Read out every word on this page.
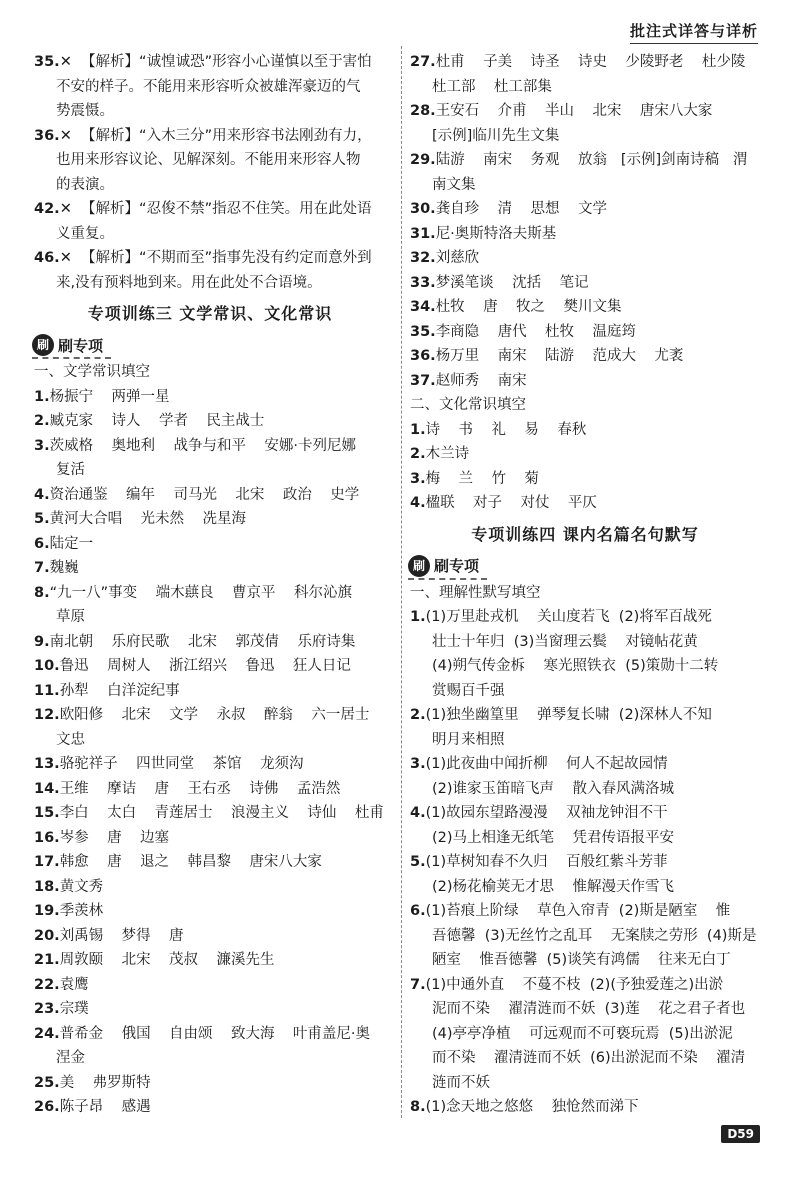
批注式详答与详析
35.✕  【解析】“诚惶诚恐”形容小心谨慎以至于害怕
不安的样子。不能用来形容听众被雄浑豪迈的气
势震慑。
36.✕  【解析】“入木三分”用来形容书法刚劲有力，
也用来形容议论、见解深刻。不能用来形容人物
的表演。
42.✕  【解析】“忍俊不禁”指忍不住笑。用在此处语
义重复。
46.✕  【解析】“不期而至”指事先没有约定而意外到
来,没有预料地到来。用在此处不合语境。
专项训练三 文学常识、文化常识
刷 刷专项
一、文学常识填空
1.杨振宁    两弹一星
2.臧克家    诗人    学者    民主战士
3.茨威格    奥地利    战争与和平    安娜·卡列尼娜
复活
4.资治通鉴    编年    司马光    北宋    政治    史学
5.黄河大合唱    光未然    冼星海
6.陆定一
7.魏巍
8.“九一八”事变    端木蕻良    曹京平    科尔沁旗
草原
9.南北朝    乐府民歌    北宋    郭茂倩    乐府诗集
10.鲁迅    周树人    浙江绍兴    鲁迅    狂人日记
11.孙犁    白洋淀纪事
12.欧阳修    北宋    文学    永叔    醉翁    六一居士
文忠
13.骆驼祥子    四世同堂    茶馆    龙须沟
14.王维    摩诘    唐    王右丞    诗佛    孟浩然
15.李白    太白    青莲居士    浪漫主义    诗仙    杜甫
16.岑参    唐    边塞
17.韩愈    唐    退之    韩昌黎    唐宋八大家
18.黄文秀
19.季羡林
20.刘禹锡    梦得    唐
21.周敦颐    北宋    茂叔    濂溪先生
22.袁鹰
23.宗璞
24.普希金    俄国    自由颂    致大海    叶甫盖尼·奥
涅金
25.美    弗罗斯特
26.陈子昂    感遇
27.杜甫    子美    诗圣    诗史    少陵野老    杜少陵
杜工部    杜工部集
28.王安石    介甫    半山    北宋    唐宋八大家
[示例]临川先生文集
29.陆游    南宋    务观    放翁   [示例]剑南诗稿   渭
南文集
30.龚自珍    清    思想    文学
31.尼·奥斯特洛夫斯基
32.刘慈欣
33.梦溪笔谈    沈括    笔记
34.杜牧    唐    牧之    樊川文集
35.李商隐    唐代    杜牧    温庭筠
36.杨万里    南宋    陆游    范成大    尤袤
37.赵师秀    南宋
二、文化常识填空
1.诗    书    礼    易    春秋
2.木兰诗
3.梅    兰    竹    菊
4.楹联    对子    对仗    平仄
专项训练四 课内名篇名句默写
刷 刷专项
一、理解性默写填空
1.(1)万里赴戎机    关山度若飞  (2)将军百战死
壮士十年归  (3)当窗理云鬓    对镜帖花黄
(4)朔气传金柝    寒光照铁衣  (5)策勋十二转
赏赐百千强
2.(1)独坐幽篁里    弹琴复长啸  (2)深林人不知
明月来相照
3.(1)此夜曲中闻折柳    何人不起故园情
(2)谁家玉笛暗飞声    散入春风满洛城
4.(1)故园东望路漫漫    双袖龙钟泪不干
(2)马上相逢无纸笔    凭君传语报平安
5.(1)草树知春不久归    百般红紫斗芳菲
(2)杨花榆荚无才思    惟解漫天作雪飞
6.(1)苔痕上阶绿    草色入帘青  (2)斯是陋室    惟
吾德馨  (3)无丝竹之乱耳    无案牍之劳形  (4)斯是
陋室    惟吾德馨  (5)谈笑有鸿儒    往来无白丁
7.(1)中通外直    不蔓不枝  (2)(予独爱莲之)出淤
泥而不染    濯清涟而不妖  (3)莲    花之君子者也
(4)亭亭净植    可远观而不可亵玩焉  (5)出淤泥
而不染    濯清涟而不妖  (6)出淤泥而不染    濯清
涟而不妖
8.(1)念天地之悠悠    独怆然而涕下
D59
